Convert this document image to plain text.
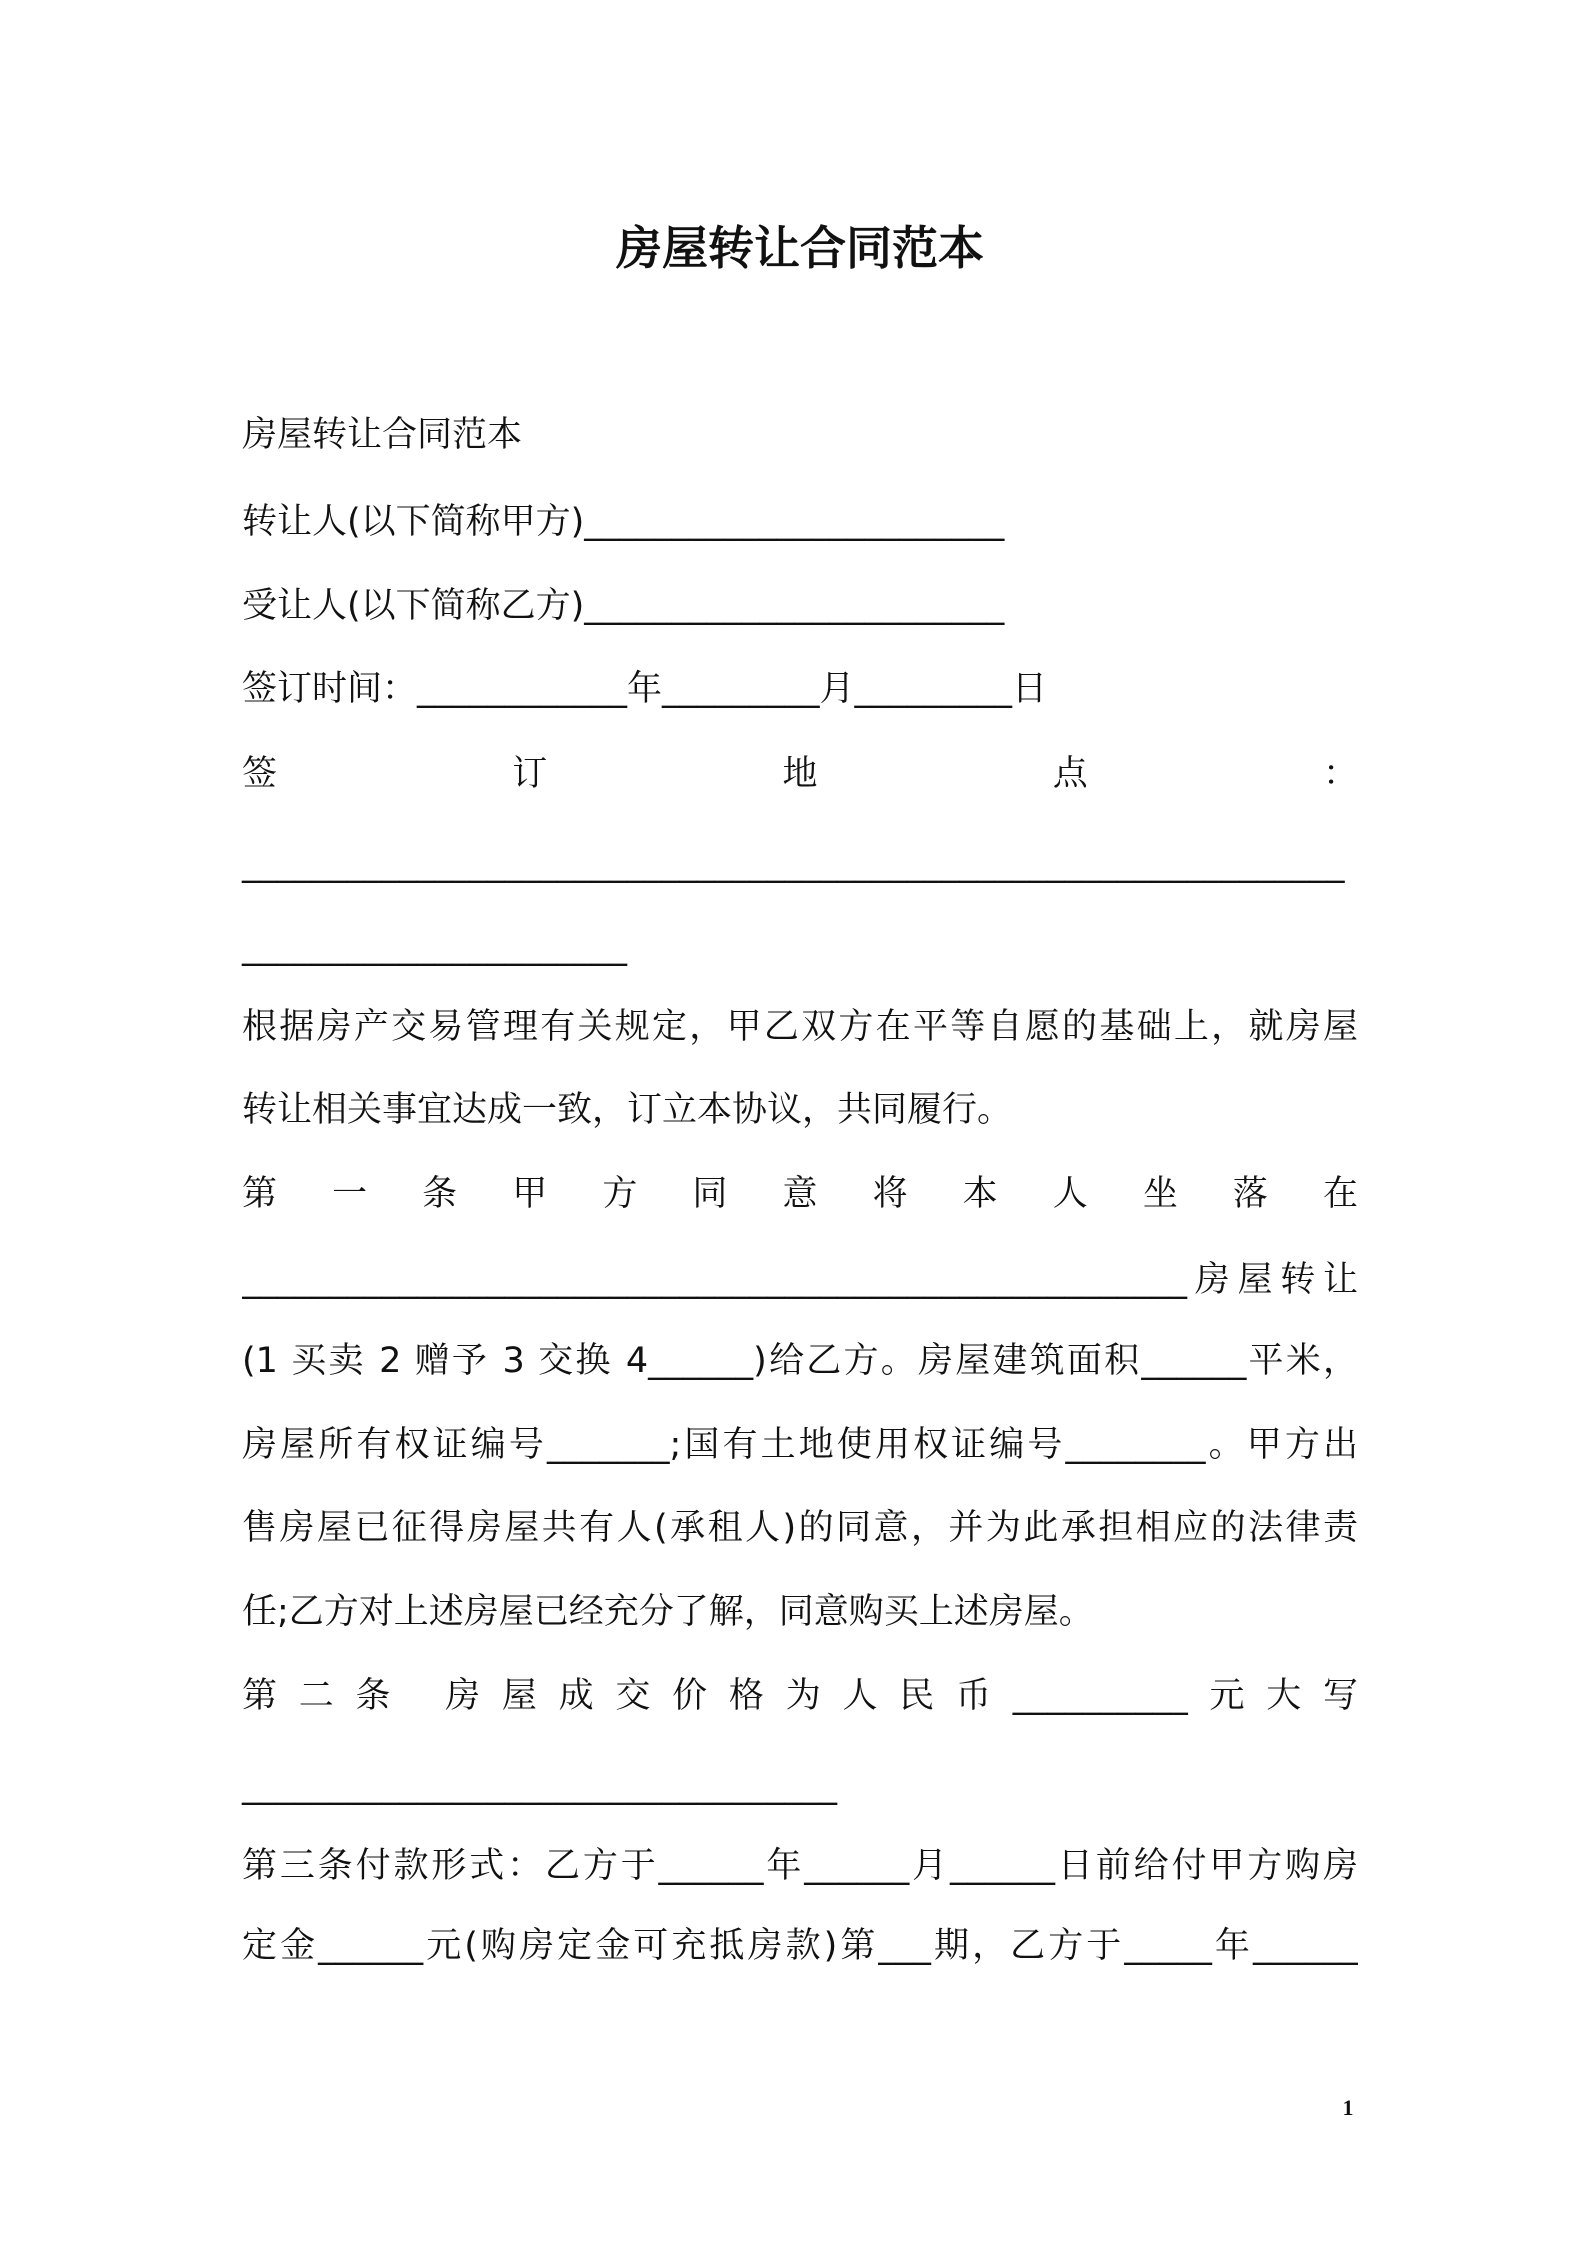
房屋转让合同范本
房屋转让合同范本
转让人(以下简称甲方)________________________
受让人(以下简称乙方)________________________
签订时间：____________年_________月_________日
签订地点：
_______________________________________________________________
______________________
根据房产交易管理有关规定，甲乙双方在平等自愿的基础上，就房屋
转让相关事宜达成一致，订立本协议，共同履行。
第一条甲方同意将本人坐落在
______________________________________________________房屋转让
(1 买卖 2 赠予 3 交换 4______)给乙方。房屋建筑面积______平米，
房屋所有权证编号_______;国有土地使用权证编号________。甲方出
售房屋已征得房屋共有人(承租人)的同意，并为此承担相应的法律责
任;乙方对上述房屋已经充分了解，同意购买上述房屋。
第二条 房屋成交价格为人民币__________元大写
__________________________________
第三条付款形式：乙方于______年______月______日前给付甲方购房
定金______元(购房定金可充抵房款)第___期，乙方于_____年______
1
